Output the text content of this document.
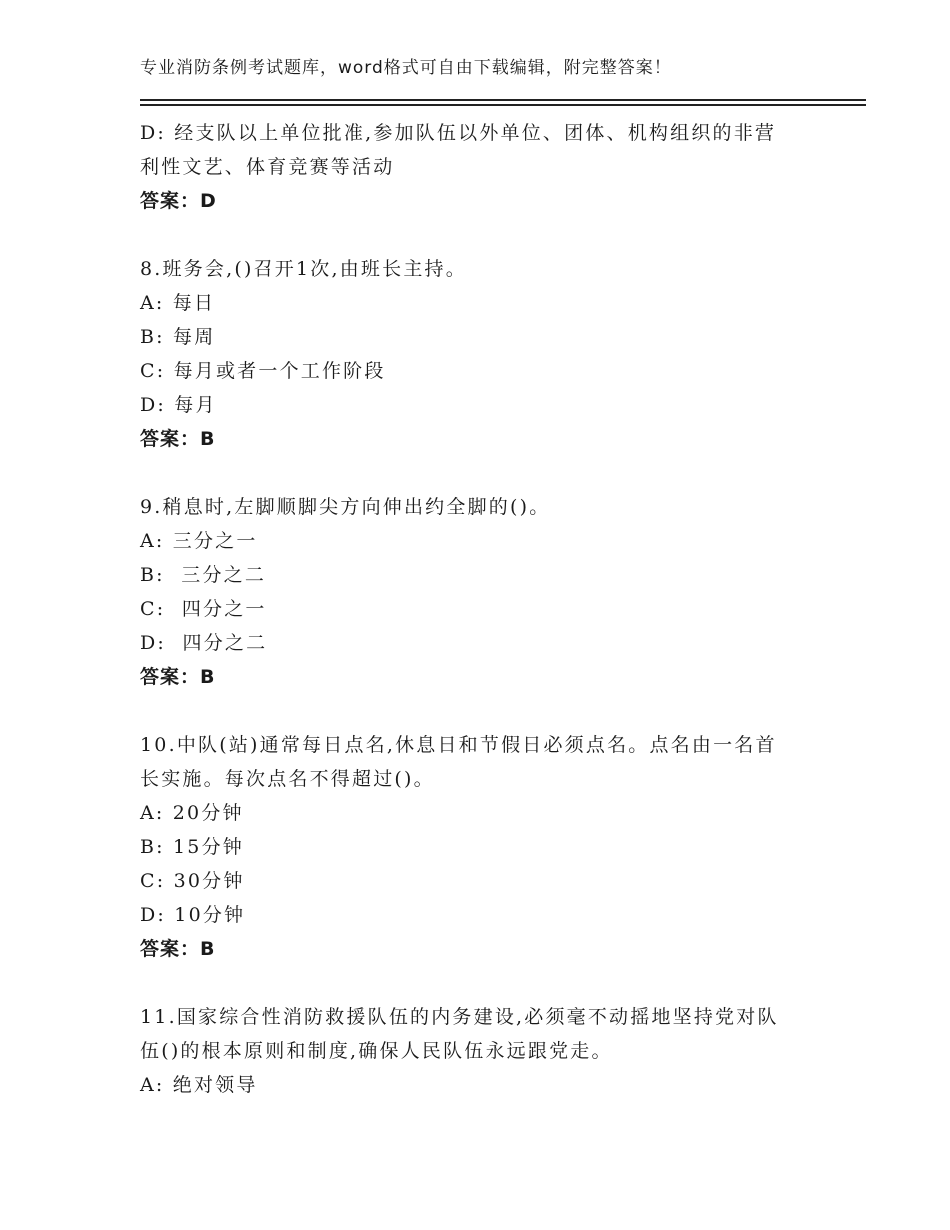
专业消防条例考试题库，word格式可自由下载编辑，附完整答案！
D: 经支队以上单位批准,参加队伍以外单位、团体、机构组织的非营
利性文艺、体育竞赛等活动
答案：D
8.班务会,()召开1次,由班长主持。
A: 每日
B: 每周
C: 每月或者一个工作阶段
D: 每月
答案：B
9.稍息时,左脚顺脚尖方向伸出约全脚的()。
A: 三分之一
B:  三分之二
C:  四分之一
D:  四分之二
答案：B
10.中队(站)通常每日点名,休息日和节假日必须点名。点名由一名首
长实施。每次点名不得超过()。
A: 20分钟
B: 15分钟
C: 30分钟
D: 10分钟
答案：B
11.国家综合性消防救援队伍的内务建设,必须毫不动摇地坚持党对队
伍()的根本原则和制度,确保人民队伍永远跟党走。
A: 绝对领导
